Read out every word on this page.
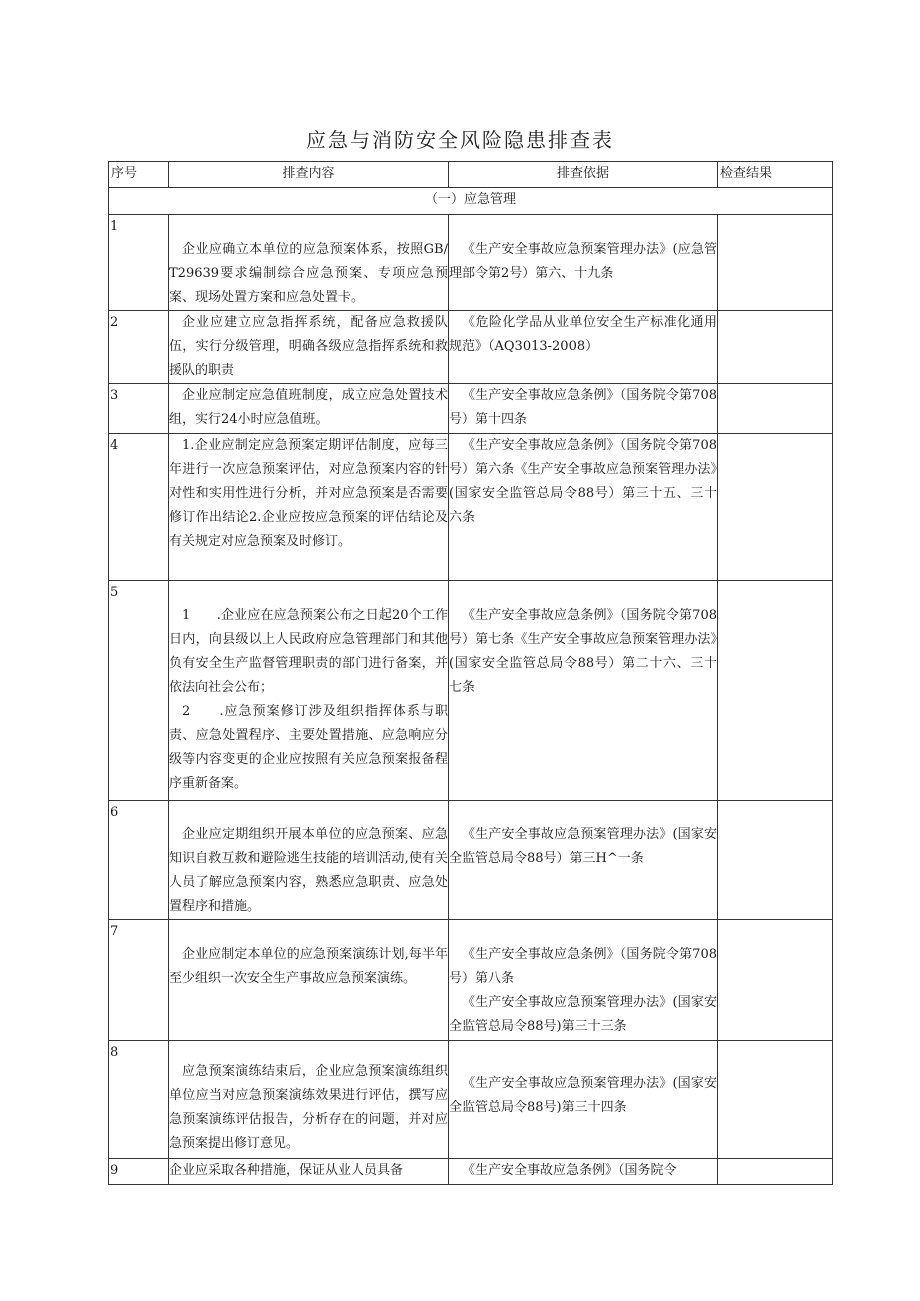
应急与消防安全风险隐患排查表
序号	排查内容	排查依据	检查结果
（一）应急管理			
1	企业应确立本单位的应急预案体系，按照GB/T29639要求编制综合应急预案、专项应急预案、现场处置方案和应急处置卡。	《生产安全事故应急预案管理办法》(应急管理部令第2号）第六、十九条	

2	企业应建立应急指挥系统，配备应急救援队伍，实行分级管理，明确各级应急指挥系统和救援队的职责	《危险化学品从业单位安全生产标准化通用规范》（AQ3013-2008）	

3	企业应制定应急值班制度，成立应急处置技术组，实行24小时应急值班。	《生产安全事故应急条例》（国务院令第708号）第十四条	

4	1.企业应制定应急预案定期评估制度，应每三年进行一次应急预案评估，对应急预案内容的针对性和实用性进行分析，并对应急预案是否需要修订作出结论2.企业应按应急预案的评估结论及有关规定对应急预案及时修订。	《生产安全事故应急条例》（国务院令第708号）第六条《生产安全事故应急预案管理办法》(国家安全监管总局令88号）第三十五、三十六条	

5	1　　.企业应在应急预案公布之日起20个工作日内，向县级以上人民政府应急管理部门和其他负有安全生产监督管理职责的部门进行备案，并依法向社会公布；

2　　.应急预案修订涉及组织指挥体系与职责、应急处置程序、主要处置措施、应急响应分级等内容变更的企业应按照有关应急预案报备程序重新备案。	《生产安全事故应急条例》（国务院令第708号）第七条《生产安全事故应急预案管理办法》(国家安全监管总局令88号）第二十六、三十七条	

6	企业应定期组织开展本单位的应急预案、应急知识自救互救和避险逃生技能的培训活动,使有关人员了解应急预案内容，熟悉应急职责、应急处置程序和措施。	《生产安全事故应急预案管理办法》(国家安全监管总局令88号）第三H^一条	

7	企业应制定本单位的应急预案演练计划,每半年至少组织一次安全生产事故应急预案演练。	《生产安全事故应急条例》（国务院令第708号）第八条

《生产安全事故应急预案管理办法》(国家安全监管总局令88号)第三十三条	

8	应急预案演练结束后，企业应急预案演练组织单位应当对应急预案演练效果进行评估，撰写应急预案演练评估报告，分析存在的问题，并对应急预案提出修订意见。	《生产安全事故应急预案管理办法》(国家安全监管总局令88号)第三十四条	

9	企业应采取各种措施，保证从业人员具备	《生产安全事故应急条例》（国务院令	
